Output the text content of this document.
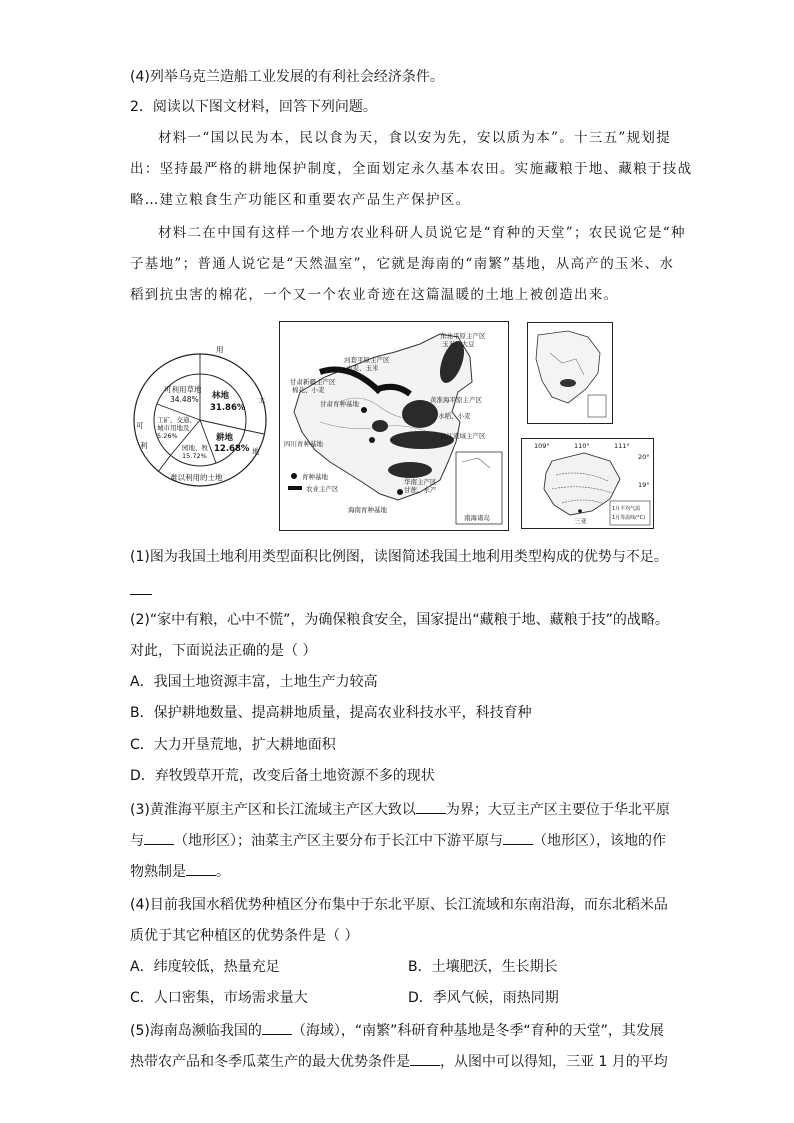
(4)列举乌克兰造船工业发展的有利社会经济条件。
2．阅读以下图文材料，回答下列问题。
材料一“国以民为本，民以食为天，食以安为先，安以质为本”。十三五”规划提
出：坚持最严格的耕地保护制度，全面划定永久基本农田。实施藏粮于地、藏粮于技战
略…建立粮食生产功能区和重要农产品生产保护区。
材料二在中国有这样一个地方农业科研人员说它是“育种的天堂”；农民说它是“种
子基地”；普通人说它是“天然温室”，它就是海南的“南繁”基地，从高产的玉米、水
稻到抗虫害的棉花，一个又一个农业奇迹在这篇温暖的土地上被创造出来。
可利用草地
34.48% 林地
31.86%
耕地
12.68%
工矿、交通、
城市用地及
5.26%
园地、牧
15.72%
用
土
地
可
利
难以利用的土地
东北平原主产区
玉米、大豆
河套平原主产区
小麦、玉米
甘肃新疆主产区
棉花、小麦
甘肃育种基地	黄淮海平原主产区
水稻、小麦
长江流域主产区
四川育种基地
华南主产区
甘蔗、水产
海南育种基地
育种基地
农业主产区
南海诸岛
109°	110°	111°
20°
19°
三亚
1月平均气温
1月等温线(°C)
(1)图为我国土地利用类型面积比例图，读图简述我国土地利用类型构成的优势与不足。
(2)“家中有粮，心中不慌”，为确保粮食安全，国家提出“藏粮于地、藏粮于技”的战略。
对此，下面说法正确的是（ ）
A．我国土地资源丰富，土地生产力较高
B．保护耕地数量、提高耕地质量，提高农业科技水平，科技育种
C．大力开垦荒地，扩大耕地面积
D．弃牧毁草开荒，改变后备土地资源不多的现状
(3)黄淮海平原主产区和长江流域主产区大致以 为界；大豆主产区主要位于华北平原
与 （地形区）；油菜主产区主要分布于长江中下游平原与 （地形区），该地的作
物熟制是 。
(4)目前我国水稻优势种植区分布集中于东北平原、长江流域和东南沿海，而东北稻米品
质优于其它种植区的优势条件是（ ）
A．纬度较低，热量充足	B．土壤肥沃，生长期长
C．人口密集，市场需求量大	D．季风气候，雨热同期
(5)海南岛濒临我国的 （海域），“南繁”科研育种基地是冬季“育种的天堂”，其发展
热带农产品和冬季瓜菜生产的最大优势条件是 ，从图中可以得知，三亚 1 月的平均
